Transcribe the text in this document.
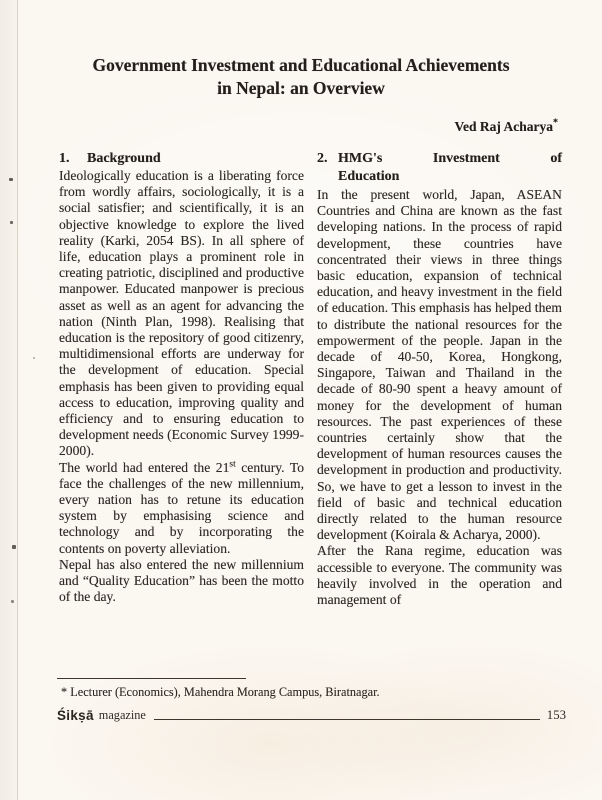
Government Investment and Educational Achievements
in Nepal: an Overview
Ved Raj Acharya*
1. Background

Ideologically education is a liberating force from wordly affairs, sociologically, it is a social satisfier; and scientifically, it is an objective knowledge to explore the lived reality (Karki, 2054 BS). In all sphere of life, education plays a prominent role in creating patriotic, disciplined and productive manpower. Educated manpower is precious asset as well as an agent for advancing the nation (Ninth Plan, 1998). Realising that education is the repository of good citizenry, multidimensional efforts are underway for the development of education. Special emphasis has been given to providing equal access to education, improving quality and efficiency and to ensuring education to development needs (Economic Survey 1999-2000).

The world had entered the 21st century. To face the challenges of the new millennium, every nation has to retune its education system by emphasising science and technology and by incorporating the contents on poverty alleviation.

Nepal has also entered the new millennium and “Quality Education” has been the motto of the day.

2. HMG's	Investment	of
Education

In the present world, Japan, ASEAN Countries and China are known as the fast developing nations. In the process of rapid development, these countries have concentrated their views in three things basic education, expansion of technical education, and heavy investment in the field of education. This emphasis has helped them to distribute the national resources for the empowerment of the people. Japan in the decade of 40-50, Korea, Hongkong, Singapore, Taiwan and Thailand in the decade of 80-90 spent a heavy amount of money for the development of human resources. The past experiences of these countries certainly show that the development of human resources causes the development in production and productivity. So, we have to get a lesson to invest in the field of basic and technical education directly related to the human resource development (Koirala & Acharya, 2000).

After the Rana regime, education was accessible to everyone. The community was heavily involved in the operation and management of

* Lecturer (Economics), Mahendra Morang Campus, Biratnagar.
Śikṣā magazine	153
